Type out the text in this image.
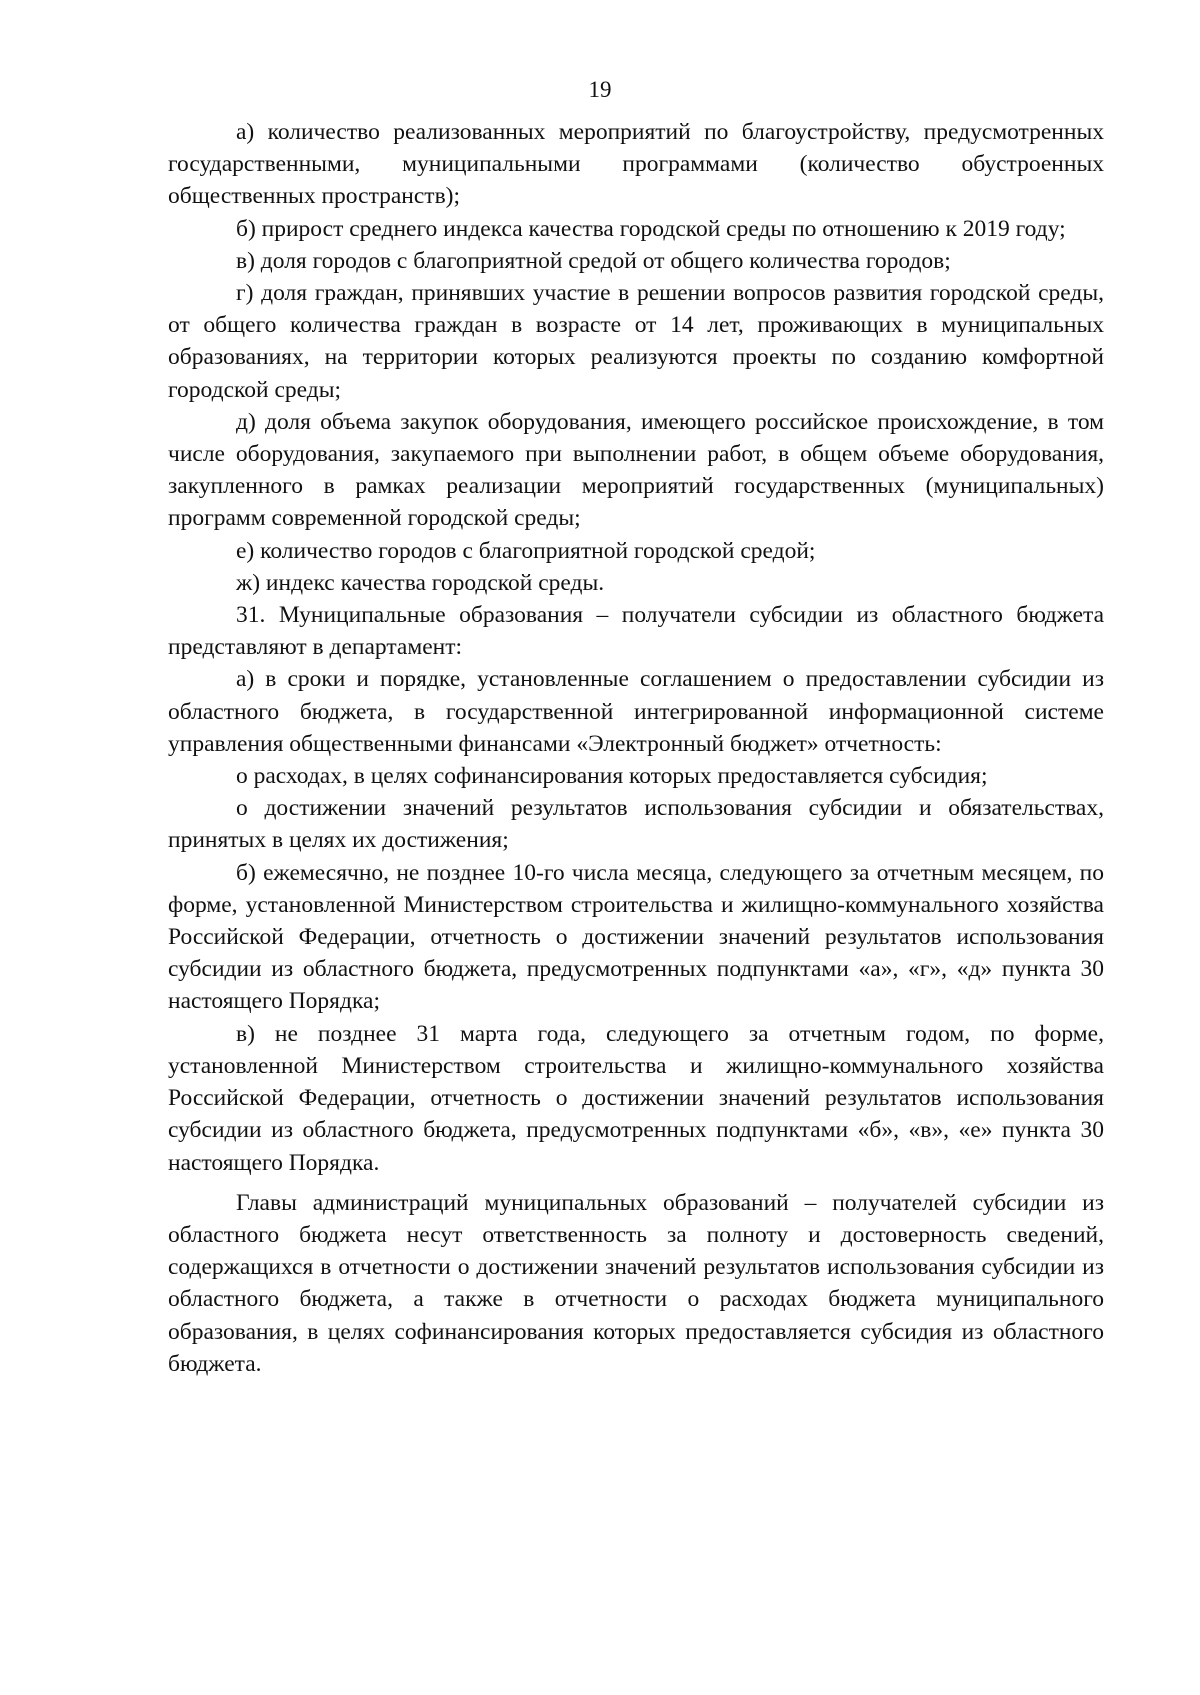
19

а) количество реализованных мероприятий по благоустройству, предусмотренных государственными, муниципальными программами (количество обустроенных общественных пространств);

б) прирост среднего индекса качества городской среды по отношению к 2019 году;

в) доля городов с благоприятной средой от общего количества городов;

г) доля граждан, принявших участие в решении вопросов развития городской среды, от общего количества граждан в возрасте от 14 лет, проживающих в муниципальных образованиях, на территории которых реализуются проекты по созданию комфортной городской среды;

д) доля объема закупок оборудования, имеющего российское происхождение, в том числе оборудования, закупаемого при выполнении работ, в общем объеме оборудования, закупленного в рамках реализации мероприятий государственных (муниципальных) программ современной городской среды;

е) количество городов с благоприятной городской средой;

ж) индекс качества городской среды.

31. Муниципальные образования – получатели субсидии из областного бюджета представляют в департамент:

а) в сроки и порядке, установленные соглашением о предоставлении субсидии из областного бюджета, в государственной интегрированной информационной системе управления общественными финансами «Электронный бюджет» отчетность:

о расходах, в целях софинансирования которых предоставляется субсидия;

о достижении значений результатов использования субсидии и обязательствах, принятых в целях их достижения;

б) ежемесячно, не позднее 10-го числа месяца, следующего за отчетным месяцем, по форме, установленной Министерством строительства и жилищно-коммунального хозяйства Российской Федерации, отчетность о достижении значений результатов использования субсидии из областного бюджета, предусмотренных подпунктами «а», «г», «д» пункта 30 настоящего Порядка;

в) не позднее 31 марта года, следующего за отчетным годом, по форме, установленной Министерством строительства и жилищно-коммунального хозяйства Российской Федерации, отчетность о достижении значений результатов использования субсидии из областного бюджета, предусмотренных подпунктами «б», «в», «е» пункта 30 настоящего Порядка.

Главы администраций муниципальных образований – получателей субсидии из областного бюджета несут ответственность за полноту и достоверность сведений, содержащихся в отчетности о достижении значений результатов использования субсидии из областного бюджета, а также в отчетности о расходах бюджета муниципального образования, в целях софинансирования которых предоставляется субсидия из областного бюджета.
